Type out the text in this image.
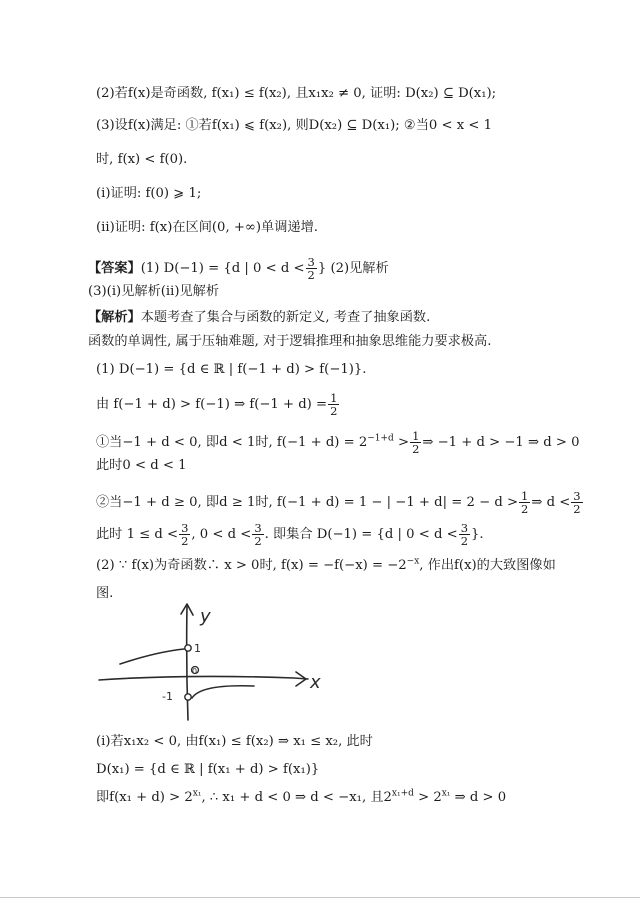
(2)若f(x)是奇函数, f(x₁) ≤ f(x₂), 且x₁x₂ ≠ 0, 证明: D(x₂) ⊆ D(x₁);
(3)设f(x)满足: ①若f(x₁) ⩽ f(x₂), 则D(x₂) ⊆ D(x₁); ②当0 < x < 1
时, f(x) < f(0).
(ⅰ)证明: f(0) ⩾ 1;
(ⅱ)证明: f(x)在区间(0, +∞)单调递增.
【答案】(1) D(−1) = {d | $0 < d < \frac{3}{2}$ } (2)见解析
(3)(ⅰ)见解析(ⅱ)见解析
【解析】本题考查了集合与函数的新定义, 考查了抽象函数.
函数的单调性, 属于压轴难题, 对于逻辑推理和抽象思维能力要求极高.
(1) D(−1) = {d ∈ ℝ | f(−1 + d) > f(−1)}.
由 f(−1 + d) > f(−1) ⇒ $f(-1 + d) = \frac{1}{2}$
①当−1 + d < 0, 即d < 1时, $f(-1 + d) = 2^{-1+d} > \frac{1}{2}$ ⇒ −1 + d > −1 ⇒ d > 0
此时0 < d < 1
②当−1 + d ≥ 0, 即d ≥ 1时, f(−1 + d) = 1 − | $-1 + d| = 2 - d > \frac{1}{2}$ ⇒ $d < \frac{3}{2}$
此时 $1 \le d < \frac{3}{2}$ , $0 < d < \frac{3}{2}$ . 即集合 D(−1) = {d | $0 < d < \frac{3}{2}$ }.
(2) ∵ f(x)为奇函数∴ x > 0时, $f(x) = -f(-x) = -2^{-x}$, 作出f(x)的大致图像如
图.
y
x
1
-1
0
(ⅰ)若x₁x₂ < 0, 由f(x₁) ≤ f(x₂) ⇒ x₁ ≤ x₂, 此时
D(x₁) = {d ∈ ℝ | f(x₁ + d) > f(x₁)}
即$f(x_1 + d) > 2^{x_1}$, ∴ x₁ + d < 0 ⇒ d < −x₁, 且$2^{x_1+d} > 2^{x_1}$ ⇒ d > 0
